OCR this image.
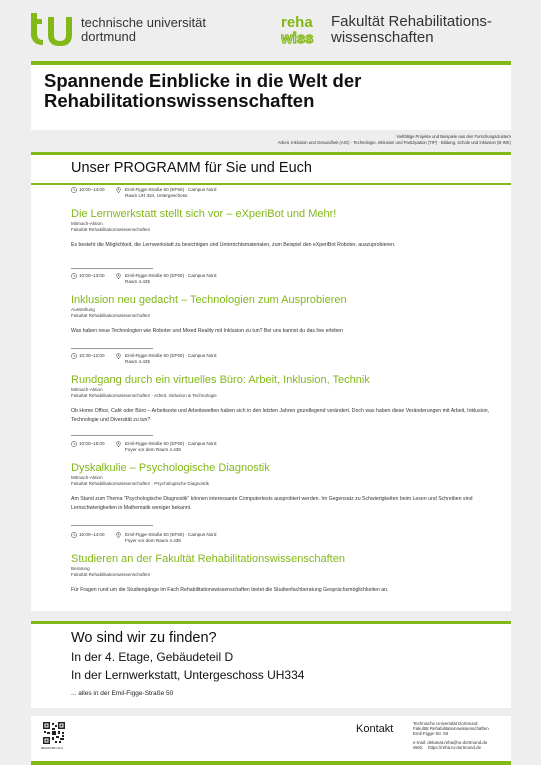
technische universität
dortmund
reha
wiss
Fakultät Rehabilitations-
wissenschaften
Spannende Einblicke in die Welt der
Rehabilitationswissenschaften
Vielfältige Projekte und Beispiele aus den Forschungsclustern
Arbeit, Inklusion und Gesundheit (AIG) · Technologie, Inklusion und Partizipation (TIP) · Bildung, Schule und Inklusion (B-INK)
Unser PROGRAMM für Sie und Euch
10:00–14:00	Emil-Figge-Straße 50 (EF50) · Campus Nord
Raum UH 334, Untergeschoss
Die Lernwerkstatt stellt sich vor – eXperiBot und Mehr!
Mitmach-Aktion
Fakultät Rehabilitationswissenschaften
Es besteht die Möglichkeit, die Lernwerkstatt zu besichtigen und Unterrichtsmaterialen, zum Beispiel den eXperiBot Roboter, auszuprobieren.
10:00–13:00	Emil-Figge-Straße 50 (EF50) · Campus Nord
Raum 4.435
Inklusion neu gedacht – Technologien zum Ausprobieren
Ausstellung
Fakultät Rehabilitationswissenschaften
Was haben neue Technologien wie Roboter und Mixed Reality mit Inklusion zu tun? Bei uns kannst du das live erleben
10:30–12:00	Emil-Figge-Straße 50 (EF50) · Campus Nord
Raum 4.435
Rundgang durch ein virtuelles Büro: Arbeit, Inklusion, Technik
Mitmach-Aktion
Fakultät Rehabilitationswissenschaften · Arbeit, Inklusion & Technologie
Ob Home Office, Café oder Büro – Arbeitsorte und Arbeitswelten haben sich in den letzten Jahren grundlegend verändert. Doch was haben diese Veränderungen mit Arbeit, Inklusion, Technologie und Diversität zu tun?
10:00–16:00	Emil-Figge-Straße 50 (EF50) · Campus Nord
Foyer vor dem Raum 4.435
Dyskalkulie – Psychologische Diagnostik
Mitmach-Aktion
Fakultät Rehabilitationswissenschaften · Psychologische Diagnostik
Am Stand zum Thema "Psychologische Diagnostik" können interessante Computertests ausprobiert werden. Im Gegensatz zu Schwierigkeiten beim Lesen und Schreiben sind Lernschwierigkeiten in Mathematik weniger bekannt.
10:00–14:00	Emil-Figge-Straße 50 (EF50) · Campus Nord
Foyer vor dem Raum 4.435
Studieren an der Fakultät Rehabilitationswissenschaften
Beratung
Fakultät Rehabilitationswissenschaften
Für Fragen rund um die Studiengänge im Fach Rehabilitationswissenschaften bietet die Studienfachberatung Gesprächsmöglichkeiten an.
Wo sind wir zu finden?
In der 4. Etage, Gebäudeteil D
In der Lernwerkstatt, Untergeschoss UH334
... alles in der Emil-Figge-Straße 50
BEGINNEN ALS
Kontakt	Technische Universität Dortmund
Fakultät Rehabilitationswissenschaften
Emil-Figge-Str. 50
e-mail: dekanat.reha@tu-dortmund.de
Web:    https://reha.tu-dortmund.de
